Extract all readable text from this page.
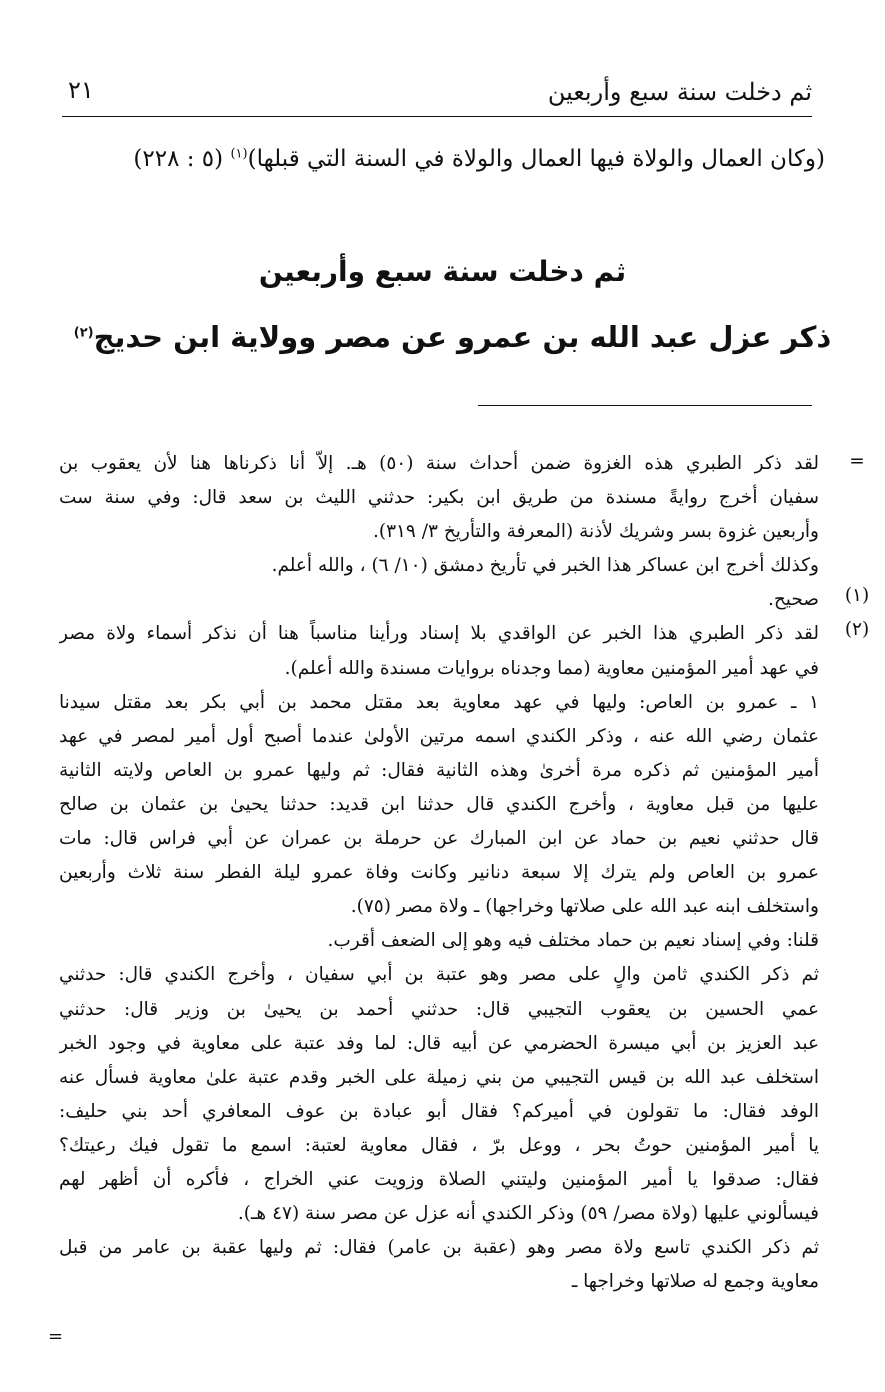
ثم دخلت سنة سبع وأربعين
٢١
(وكان العمال والولاة فيها العمال والولاة في السنة التي قبلها)$^{(١)}$ (٥ : ٢٢٨)
ثم دخلت سنة سبع وأربعين
ذكر عزل عبد الله بن عمرو عن مصر وولاية ابن حديج$^{(٢)}$
=
(١)
(٢)
لقد ذكر الطبري هذه الغزوة ضمن أحداث سنة (٥٠) هـ. إلاّ أنا ذكرناها هنا لأن يعقوب بن
سفيان أخرج روايةً مسندة من طريق ابن بكير: حدثني الليث بن سعد قال: وفي سنة ست
وأربعين غزوة بسر وشريك لأذنة (المعرفة والتأريخ ٣/ ٣١٩).
وكذلك أخرج ابن عساكر هذا الخبر في تأريخ دمشق (١٠/ ٦) ، والله أعلم.
صحيح.
لقد ذكر الطبري هذا الخبر عن الواقدي بلا إسناد ورأينا مناسباً هنا أن نذكر أسماء ولاة مصر
في عهد أمير المؤمنين معاوية (مما وجدناه بروايات مسندة والله أعلم).
١ ـ عمرو بن العاص: وليها في عهد معاوية بعد مقتل محمد بن أبي بكر بعد مقتل سيدنا
عثمان رضي الله عنه ، وذكر الكندي اسمه مرتين الأولىٰ عندما أصبح أول أمير لمصر في عهد
أمير المؤمنين ثم ذكره مرة أخرىٰ وهذه الثانية فقال: ثم وليها عمرو بن العاص ولايته الثانية
عليها من قبل معاوية ، وأخرج الكندي قال حدثنا ابن قديد: حدثنا يحيىٰ بن عثمان بن صالح
قال حدثني نعيم بن حماد عن ابن المبارك عن حرملة بن عمران عن أبي فراس قال: مات
عمرو بن العاص ولم يترك إلا سبعة دنانير وكانت وفاة عمرو ليلة الفطر سنة ثلاث وأربعين
واستخلف ابنه عبد الله على صلاتها وخراجها) ـ ولاة مصر (٧٥).
قلنا: وفي إسناد نعيم بن حماد مختلف فيه وهو إلى الضعف أقرب.
ثم ذكر الكندي ثامن والٍ على مصر وهو عتبة بن أبي سفيان ، وأخرج الكندي قال: حدثني
عمي الحسين بن يعقوب التجيبي قال: حدثني أحمد بن يحيىٰ بن وزير قال: حدثني
عبد العزيز بن أبي ميسرة الحضرمي عن أبيه قال: لما وفد عتبة على معاوية في وجود الخبر
استخلف عبد الله بن قيس التجيبي من بني زميلة على الخبر وقدم عتبة علىٰ معاوية فسأل عنه
الوفد فقال: ما تقولون في أميركم؟ فقال أبو عبادة بن عوف المعافري أحد بني حليف:
يا أمير المؤمنين حوتُ بحر ، ووعل برّ ، فقال معاوية لعتبة: اسمع ما تقول فيك رعيتك؟
فقال: صدقوا يا أمير المؤمنين وليتني الصلاة وزويت عني الخراج ، فأكره أن أظهر لهم
فيسألوني عليها (ولاة مصر/ ٥٩) وذكر الكندي أنه عزل عن مصر سنة (٤٧ هـ).
ثم ذكر الكندي تاسع ولاة مصر وهو (عقبة بن عامر) فقال: ثم وليها عقبة بن عامر من قبل
معاوية وجمع له صلاتها وخراجها ـ
=
